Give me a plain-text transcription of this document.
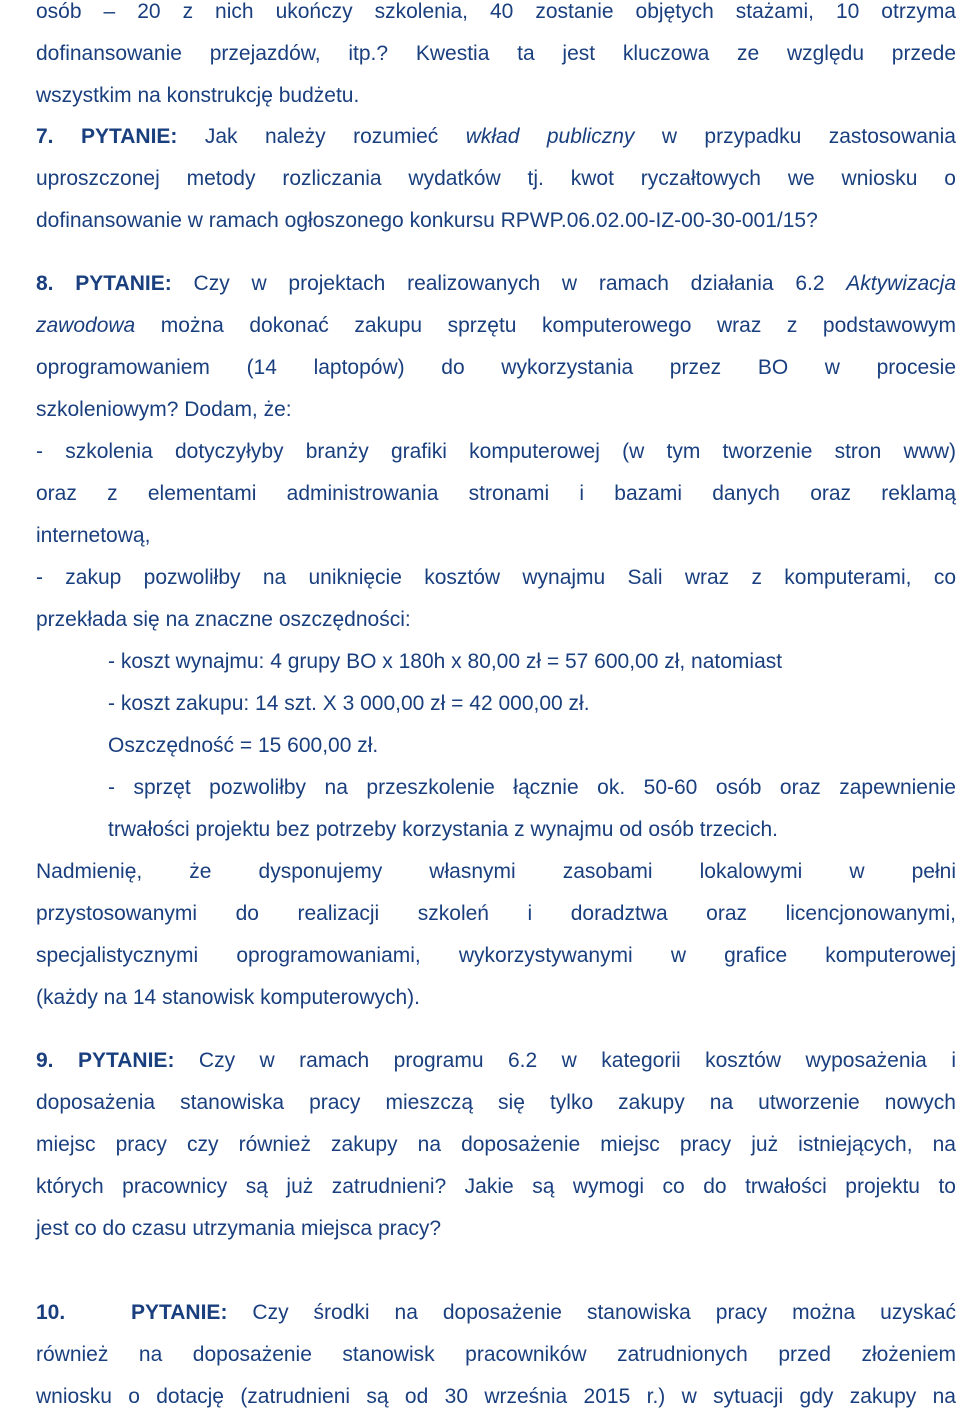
osób – 20 z nich ukończy szkolenia, 40 zostanie objętych stażami, 10 otrzyma
dofinansowanie przejazdów, itp.? Kwestia ta jest kluczowa ze względu przede
wszystkim na konstrukcję budżetu.
7. PYTANIE: Jak należy rozumieć wkład publiczny w przypadku zastosowania
uproszczonej metody rozliczania wydatków tj. kwot ryczałtowych we wniosku o
dofinansowanie w ramach ogłoszonego konkursu RPWP.06.02.00-IZ-00-30-001/15?
8. PYTANIE: Czy w projektach realizowanych w ramach działania 6.2 Aktywizacja
zawodowa można dokonać zakupu sprzętu komputerowego wraz z podstawowym
oprogramowaniem (14 laptopów) do wykorzystania przez BO w procesie
szkoleniowym? Dodam, że:
- szkolenia dotyczyłyby branży grafiki komputerowej (w tym tworzenie stron www)
oraz z elementami administrowania stronami i bazami danych oraz reklamą
internetową,
- zakup pozwoliłby na uniknięcie kosztów wynajmu Sali wraz z komputerami, co
przekłada się na znaczne oszczędności:
- koszt wynajmu: 4 grupy BO x 180h x 80,00 zł = 57 600,00 zł, natomiast
- koszt zakupu: 14 szt. X 3 000,00 zł = 42 000,00 zł.
Oszczędność = 15 600,00 zł.
- sprzęt pozwoliłby na przeszkolenie łącznie ok. 50-60 osób oraz zapewnienie
trwałości projektu bez potrzeby korzystania z wynajmu od osób trzecich.
Nadmienię, że dysponujemy własnymi zasobami lokalowymi w pełni
przystosowanymi do realizacji szkoleń i doradztwa oraz licencjonowanymi,
specjalistycznymi oprogramowaniami, wykorzystywanymi w grafice komputerowej
(każdy na 14 stanowisk komputerowych).
9. PYTANIE: Czy w ramach programu 6.2 w kategorii kosztów wyposażenia i
doposażenia stanowiska pracy mieszczą się tylko zakupy na utworzenie nowych
miejsc pracy czy również zakupy na doposażenie miejsc pracy już istniejących, na
których pracownicy są już zatrudnieni? Jakie są wymogi co do trwałości projektu to
jest co do czasu utrzymania miejsca pracy?
10.	PYTANIE: Czy środki na doposażenie stanowiska pracy można uzyskać
również na doposażenie stanowisk pracowników zatrudnionych przed złożeniem
wniosku o dotację (zatrudnieni są od 30 września 2015 r.) w sytuacji gdy zakupy na
